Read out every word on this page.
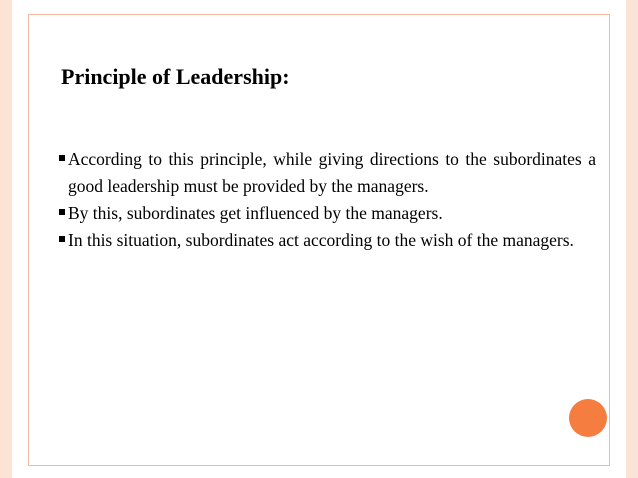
Principle of Leadership:
According to this principle, while giving directions to the subordinates a good leadership must be provided by the managers.
By this, subordinates get influenced by the managers.
In this situation, subordinates act according to the wish of the managers.
